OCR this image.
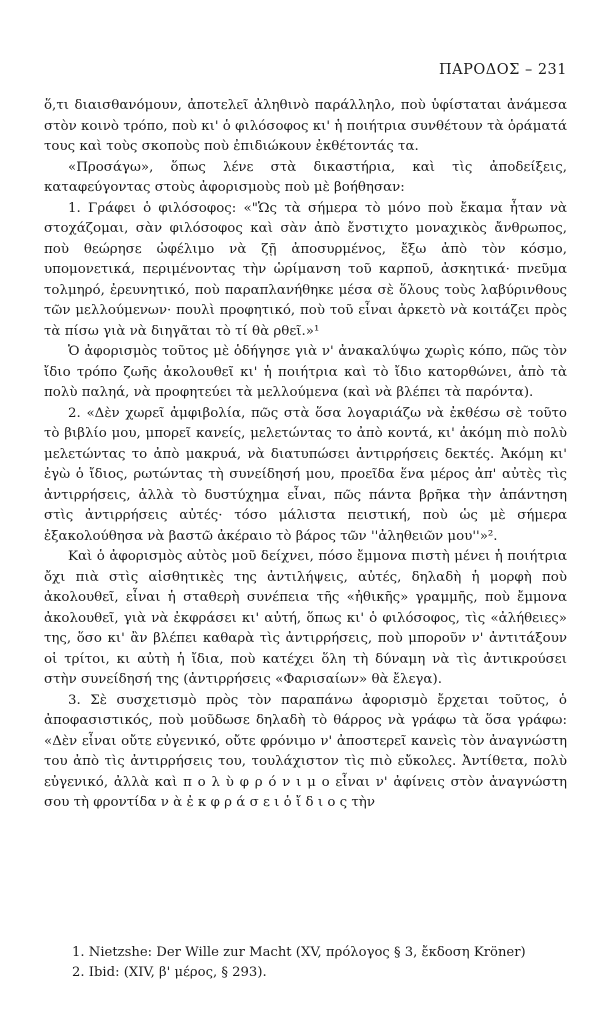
ΠΑΡΟΔΟΣ – 231

ὅ,τι διαισθανόμουν, ἀποτελεῖ ἀληθινὸ παράλληλο, ποὺ ὑφίσταται ἀνάμεσα στὸν κοινὸ τρόπο, ποὺ κι' ὁ φιλόσοφος κι' ἡ ποιήτρια συνθέτουν τὰ ὁράματά τους καὶ τοὺς σκοποὺς ποὺ ἐπιδιώκουν ἐκθέτοντάς τα.

«Προσάγω», ὅπως λένε στὰ δικαστήρια, καὶ τὶς ἀποδείξεις, καταφεύγοντας στοὺς ἀφορισμοὺς ποὺ μὲ βοήθησαν:

1. Γράφει ὁ φιλόσοφος: «"Ὡς τὰ σήμερα τὸ μόνο ποὺ ἔκαμα ἦταν νὰ στοχάζομαι, σὰν φιλόσοφος καὶ σὰν ἀπὸ ἔνστιχτο μοναχικὸς ἄνθρωπος, ποὺ θεώρησε ὠφέλιμο νὰ ζῇ ἀποσυρμένος, ἔξω ἀπὸ τὸν κόσμο, υπομονετικά, περιμένοντας τὴν ὡρίμανση τοῦ καρποῦ, ἀσκητικά· πνεῦμα τολμηρό, ἐρευνητικό, ποὺ παραπλανήθηκε μέσα σὲ ὅλους τοὺς λαβύρινθους τῶν μελλούμενων· πουλὶ προφητικό, ποὺ τοῦ εἶναι ἀρκετὸ νὰ κοιτάζει πρὸς τὰ πίσω γιὰ νὰ διηγᾶται τὸ τί θὰ ρθεῖ.»¹

Ὁ ἀφορισμὸς τοῦτος μὲ ὁδήγησε γιὰ ν' ἀνακαλύψω χωρὶς κόπο, πῶς τὸν ἴδιο τρόπο ζωῆς ἀκολουθεῖ κι' ἡ ποιήτρια καὶ τὸ ἴδιο κατορθώνει, ἀπὸ τὰ πολὺ παληά, νὰ προφητεύει τὰ μελλούμενα (καὶ νὰ βλέπει τὰ παρόντα).

2. «Δὲν χωρεῖ ἀμφιβολία, πῶς στὰ ὅσα λογαριάζω νὰ ἐκθέσω σὲ τοῦτο τὸ βιβλίο μου, μπορεῖ κανείς, μελετώντας το ἀπὸ κοντά, κι' ἀκόμη πιὸ πολὺ μελετώντας το ἀπὸ μακρυά, νὰ διατυπώσει ἀντιρρήσεις δεκτές. Ἀκόμη κι' ἐγὼ ὁ ἴδιος, ρωτώντας τὴ συνείδησή μου, προεῖδα ἕνα μέρος ἀπ' αὐτὲς τὶς ἀντιρρήσεις, ἀλλὰ τὸ δυστύχημα εἶναι, πῶς πάντα βρῆκα τὴν ἀπάντηση στὶς ἀντιρρήσεις αὐτές· τόσο μάλιστα πειστική, ποὺ ὡς μὲ σήμερα ἐξακολούθησα νὰ βαστῶ ἀκέραιο τὸ βάρος τῶν ''ἀληθειῶν μου''»².

Καὶ ὁ ἀφορισμὸς αὐτὸς μοῦ δείχνει, πόσο ἔμμονα πιστὴ μένει ἡ ποιήτρια ὄχι πιὰ στὶς αἰσθητικὲς της ἀντιλήψεις, αὐτές, δηλαδὴ ἡ μορφὴ ποὺ ἀκολουθεῖ, εἶναι ἡ σταθερὴ συνέπεια τῆς «ἠθικῆς» γραμμῆς, ποὺ ἔμμονα ἀκολουθεῖ, γιὰ νὰ ἐκφράσει κι' αὐτή, ὅπως κι' ὁ φιλόσοφος, τὶς «ἀλήθειες» της, ὅσο κι' ἂν βλέπει καθαρὰ τὶς ἀντιρρήσεις, ποὺ μποροῦν ν' ἀντιτάξουν οἱ τρίτοι, κι αὐτὴ ἡ ἴδια, ποὺ κατέχει ὅλη τὴ δύναμη νὰ τὶς ἀντικρούσει στὴν συνείδησή της (ἀντιρρήσεις «Φαρισαίων» θὰ ἔλεγα).

3. Σὲ συσχετισμὸ πρὸς τὸν παραπάνω ἀφορισμὸ ἔρχεται τοῦτος, ὁ ἀποφασιστικός, ποὺ μοῦδωσε δηλαδὴ τὸ θάρρος νὰ γράφω τὰ ὅσα γράφω: «Δὲν εἶναι οὔτε εὐγενικό, οὔτε φρόνιμο ν' ἀποστερεῖ κανεὶς τὸν ἀναγνώστη του ἀπὸ τὶς ἀντιρρήσεις του, τουλάχιστον τὶς πιὸ εὔκολες. Ἀντίθετα, πολὺ εὐγενικό, ἀλλὰ καὶ π ο λ ὺ φ ρ ό ν ι μ ο εἶναι ν' ἀφίνεις στὸν ἀναγνώστη σου τὴ φροντίδα ν ὰ ἐ κ φ ρ ά σ ε ι ὁ ἴ δ ι ο ς τὴν

1. Nietzshe: Der Wille zur Macht (XV, πρόλογος § 3, ἔκδοση Kröner)
2. Ibid: (XIV, β' μέρος, § 293).
